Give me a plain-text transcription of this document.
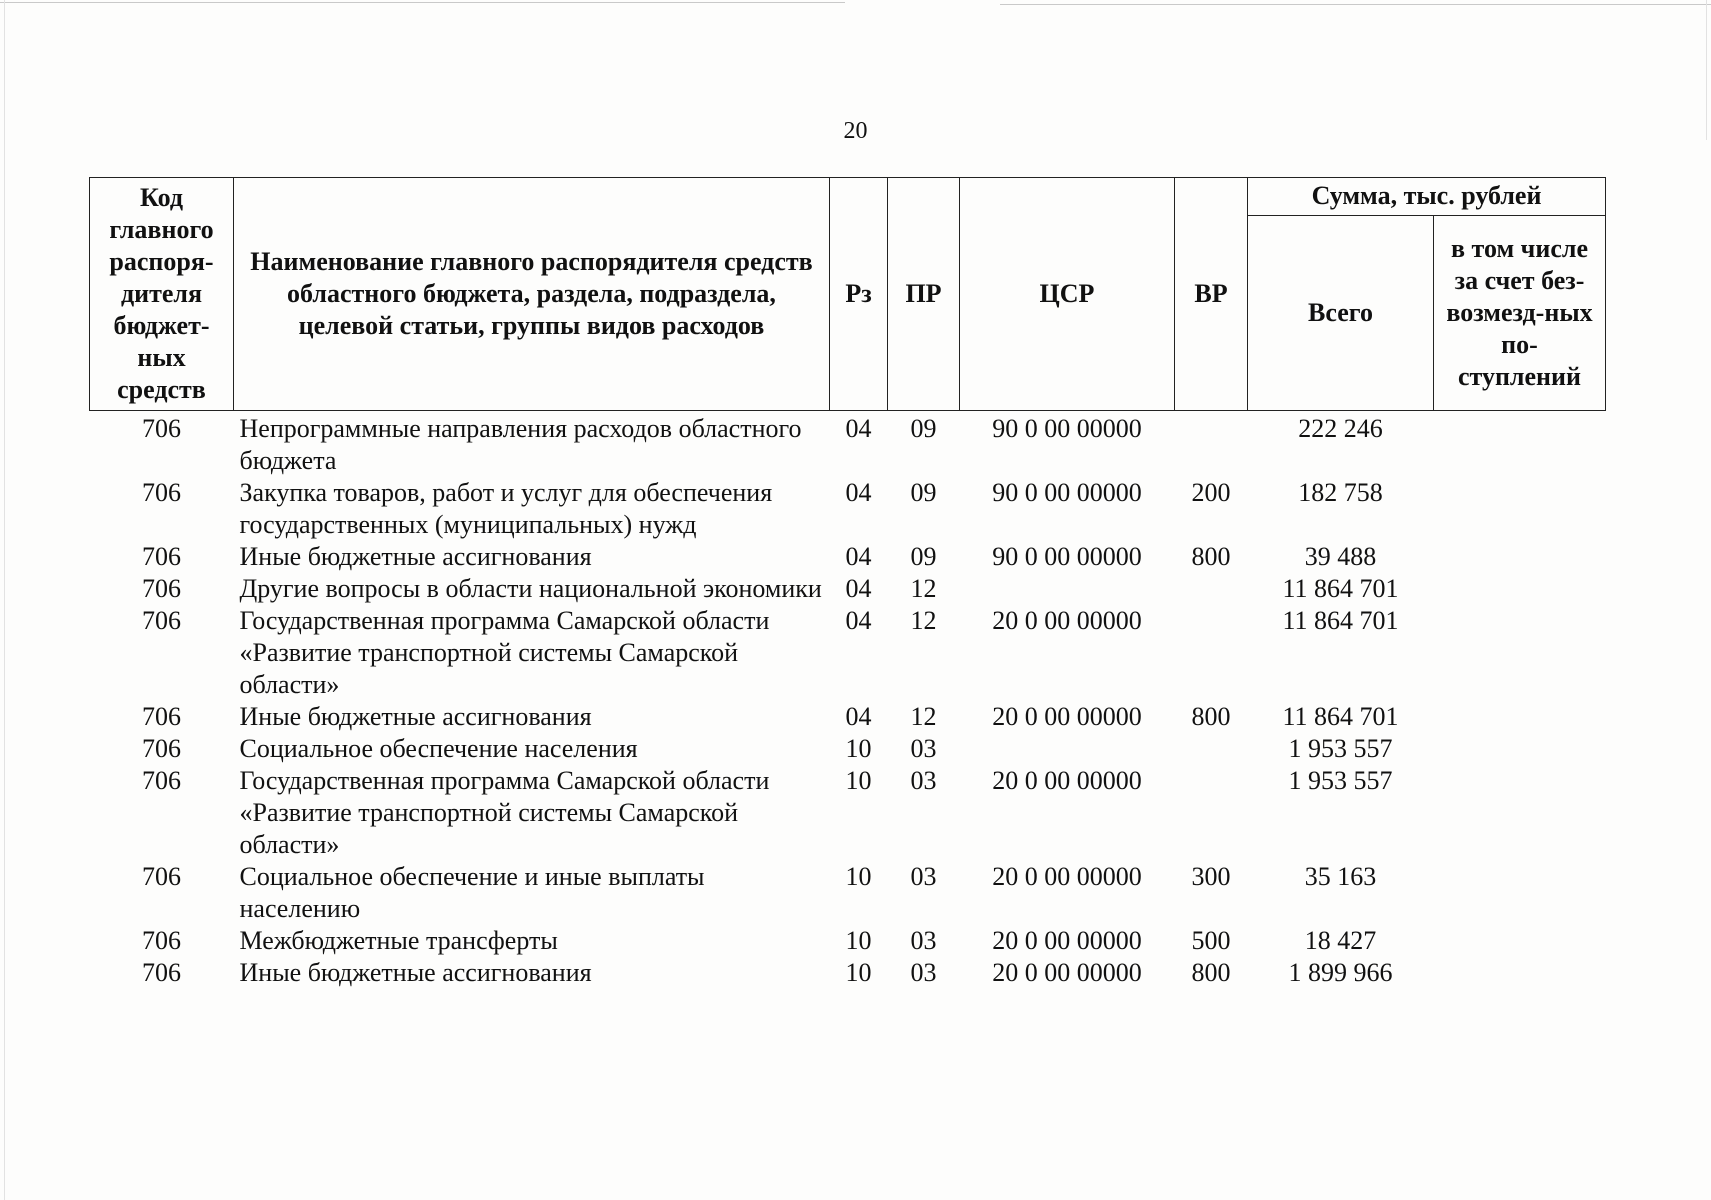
20
Код главного распоря-дителя бюджет-ных средств	Наименование главного распорядителя средств областного бюджета, раздела, подраздела, целевой статьи, группы видов расходов	Рз	ПР	ЦСР	ВР	Сумма, тыс. рублей	
						Всего	в том числе за счет без-возмезд-ных по-ступлений
706	Непрограммные направления расходов областного бюджета	04	09	90 0 00 00000		222 246	
706	Закупка товаров, работ и услуг для обеспечения государственных (муниципальных) нужд	04	09	90 0 00 00000	200	182 758	
706	Иные бюджетные ассигнования	04	09	90 0 00 00000	800	39 488	
706	Другие вопросы в области национальной экономики	04	12			11 864 701	
706	Государственная программа Самарской области «Развитие транспортной системы Самарской области»	04	12	20 0 00 00000		11 864 701	
706	Иные бюджетные ассигнования	04	12	20 0 00 00000	800	11 864 701	
706	Социальное обеспечение населения	10	03			1 953 557	
706	Государственная программа Самарской области «Развитие транспортной системы Самарской области»	10	03	20 0 00 00000		1 953 557	
706	Социальное обеспечение и иные выплаты населению	10	03	20 0 00 00000	300	35 163	
706	Межбюджетные трансферты	10	03	20 0 00 00000	500	18 427	
706	Иные бюджетные ассигнования	10	03	20 0 00 00000	800	1 899 966	
